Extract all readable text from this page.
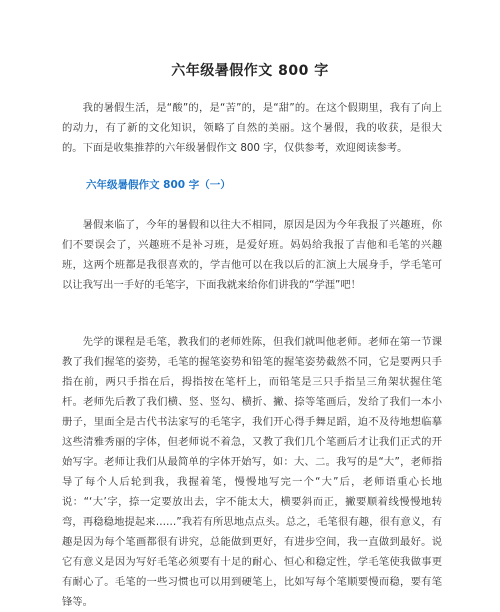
六年级暑假作文 800 字

我的暑假生活，是“酸”的，是“苦”的，是“甜”的。在这个假期里，我有了向上的动力，有了新的文化知识，领略了自然的美丽。这个暑假，我的收获，是很大的。下面是收集推荐的六年级暑假作文 800 字，仅供参考，欢迎阅读参考。

六年级暑假作文 800 字（一）

暑假来临了，今年的暑假和以往大不相同，原因是因为今年我报了兴趣班，你们不要误会了，兴趣班不是补习班，是爱好班。妈妈给我报了吉他和毛笔的兴趣班，这两个班都是我很喜欢的，学吉他可以在我以后的汇演上大展身手，学毛笔可以让我写出一手好的毛笔字，下面我就来给你们讲我的“学涯”吧！

先学的课程是毛笔，教我们的老师姓陈，但我们就叫他老师。老师在第一节课教了我们握笔的姿势，毛笔的握笔姿势和铅笔的握笔姿势截然不同，它是要两只手指在前，两只手指在后，拇指按在笔杆上，而铅笔是三只手指呈三角架状握住笔杆。老师先后教了我们横、竖、竖勾、横折、撇、捺等笔画后，发给了我们一本小册子，里面全是古代书法家写的毛笔字，我们开心得手舞足蹈，迫不及待地想临摹这些清雅秀丽的字体，但老师说不着急，又教了我们几个笔画后才让我们正式的开始写字。老师让我们从最简单的字体开始写，如：大、二。我写的是“大”，老师指导了每个人后轮到我，我握着笔，慢慢地写完一个“大”后，老师语重心长地说：“‘大’字，捺一定要放出去，字不能太大，横要斜而正，撇要顺着线慢慢地转弯，再稳稳地提起来……”我若有所思地点点头。总之，毛笔很有趣，很有意义，有趣是因为每个笔画都很有讲究，总能做到更好，有进步空间，我一直做到最好。说它有意义是因为写好毛笔必须要有十足的耐心、恒心和稳定性，学毛笔使我做事更有耐心了。毛笔的一些习惯也可以用到硬笔上，比如写每个笔顺要慢而稳，要有笔锋等。
